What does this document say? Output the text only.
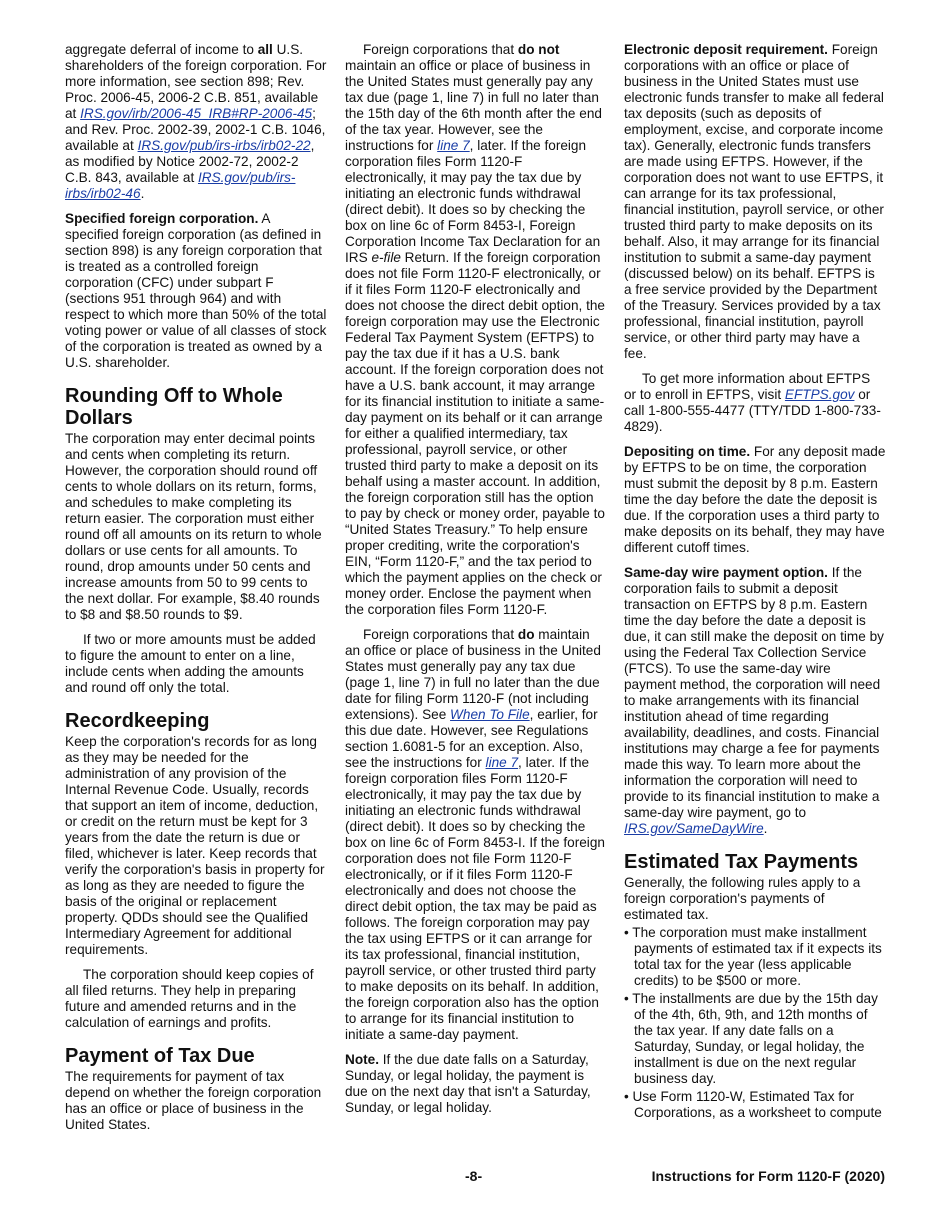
aggregate deferral of income to all U.S. shareholders of the foreign corporation. For more information, see section 898; Rev. Proc. 2006-45, 2006-2 C.B. 851, available at IRS.gov/irb/2006-45_IRB#RP-2006-45; and Rev. Proc. 2002-39, 2002-1 C.B. 1046, available at IRS.gov/pub/irs-irbs/irb02-22, as modified by Notice 2002-72, 2002-2 C.B. 843, available at IRS.gov/pub/irs-irbs/irb02-46.

Specified foreign corporation. A specified foreign corporation (as defined in section 898) is any foreign corporation that is treated as a controlled foreign corporation (CFC) under subpart F (sections 951 through 964) and with respect to which more than 50% of the total voting power or value of all classes of stock of the corporation is treated as owned by a U.S. shareholder.

Rounding Off to Whole Dollars

The corporation may enter decimal points and cents when completing its return. However, the corporation should round off cents to whole dollars on its return, forms, and schedules to make completing its return easier. The corporation must either round off all amounts on its return to whole dollars or use cents for all amounts. To round, drop amounts under 50 cents and increase amounts from 50 to 99 cents to the next dollar. For example, $8.40 rounds to $8 and $8.50 rounds to $9.

If two or more amounts must be added to figure the amount to enter on a line, include cents when adding the amounts and round off only the total.

Recordkeeping

Keep the corporation's records for as long as they may be needed for the administration of any provision of the Internal Revenue Code. Usually, records that support an item of income, deduction, or credit on the return must be kept for 3 years from the date the return is due or filed, whichever is later. Keep records that verify the corporation's basis in property for as long as they are needed to figure the basis of the original or replacement property. QDDs should see the Qualified Intermediary Agreement for additional requirements.

The corporation should keep copies of all filed returns. They help in preparing future and amended returns and in the calculation of earnings and profits.

Payment of Tax Due

The requirements for payment of tax depend on whether the foreign corporation has an office or place of business in the United States.

Foreign corporations that do not maintain an office or place of business in the United States must generally pay any tax due (page 1, line 7) in full no later than the 15th day of the 6th month after the end of the tax year. However, see the instructions for line 7, later. If the foreign corporation files Form 1120-F electronically, it may pay the tax due by initiating an electronic funds withdrawal (direct debit). It does so by checking the box on line 6c of Form 8453-I, Foreign Corporation Income Tax Declaration for an IRS e-file Return. If the foreign corporation does not file Form 1120-F electronically, or if it files Form 1120-F electronically and does not choose the direct debit option, the foreign corporation may use the Electronic Federal Tax Payment System (EFTPS) to pay the tax due if it has a U.S. bank account. If the foreign corporation does not have a U.S. bank account, it may arrange for its financial institution to initiate a same-day payment on its behalf or it can arrange for either a qualified intermediary, tax professional, payroll service, or other trusted third party to make a deposit on its behalf using a master account. In addition, the foreign corporation still has the option to pay by check or money order, payable to “United States Treasury.” To help ensure proper crediting, write the corporation's EIN, “Form 1120-F,” and the tax period to which the payment applies on the check or money order. Enclose the payment when the corporation files Form 1120-F.

Foreign corporations that do maintain an office or place of business in the United States must generally pay any tax due (page 1, line 7) in full no later than the due date for filing Form 1120-F (not including extensions). See When To File, earlier, for this due date. However, see Regulations section 1.6081-5 for an exception. Also, see the instructions for line 7, later. If the foreign corporation files Form 1120-F electronically, it may pay the tax due by initiating an electronic funds withdrawal (direct debit). It does so by checking the box on line 6c of Form 8453-I. If the foreign corporation does not file Form 1120-F electronically, or if it files Form 1120-F electronically and does not choose the direct debit option, the tax may be paid as follows. The foreign corporation may pay the tax using EFTPS or it can arrange for its tax professional, financial institution, payroll service, or other trusted third party to make deposits on its behalf. In addition, the foreign corporation also has the option to arrange for its financial institution to initiate a same-day payment.

Note. If the due date falls on a Saturday, Sunday, or legal holiday, the payment is due on the next day that isn't a Saturday, Sunday, or legal holiday.

Electronic deposit requirement. Foreign corporations with an office or place of business in the United States must use electronic funds transfer to make all federal tax deposits (such as deposits of employment, excise, and corporate income tax). Generally, electronic funds transfers are made using EFTPS. However, if the corporation does not want to use EFTPS, it can arrange for its tax professional, financial institution, payroll service, or other trusted third party to make deposits on its behalf. Also, it may arrange for its financial institution to submit a same-day payment (discussed below) on its behalf. EFTPS is a free service provided by the Department of the Treasury. Services provided by a tax professional, financial institution, payroll service, or other third party may have a fee.

To get more information about EFTPS or to enroll in EFTPS, visit EFTPS.gov or call 1-800-555-4477 (TTY/TDD 1-800-733-4829).

Depositing on time. For any deposit made by EFTPS to be on time, the corporation must submit the deposit by 8 p.m. Eastern time the day before the date the deposit is due. If the corporation uses a third party to make deposits on its behalf, they may have different cutoff times.

Same-day wire payment option. If the corporation fails to submit a deposit transaction on EFTPS by 8 p.m. Eastern time the day before the date a deposit is due, it can still make the deposit on time by using the Federal Tax Collection Service (FTCS). To use the same-day wire payment method, the corporation will need to make arrangements with its financial institution ahead of time regarding availability, deadlines, and costs. Financial institutions may charge a fee for payments made this way. To learn more about the information the corporation will need to provide to its financial institution to make a same-day wire payment, go to IRS.gov/SameDayWire.

Estimated Tax Payments

Generally, the following rules apply to a foreign corporation's payments of estimated tax.

• The corporation must make installment payments of estimated tax if it expects its total tax for the year (less applicable credits) to be $500 or more.

• The installments are due by the 15th day of the 4th, 6th, 9th, and 12th months of the tax year. If any date falls on a Saturday, Sunday, or legal holiday, the installment is due on the next regular business day.

• Use Form 1120-W, Estimated Tax for Corporations, as a worksheet to compute

-8-	Instructions for Form 1120-F (2020)
